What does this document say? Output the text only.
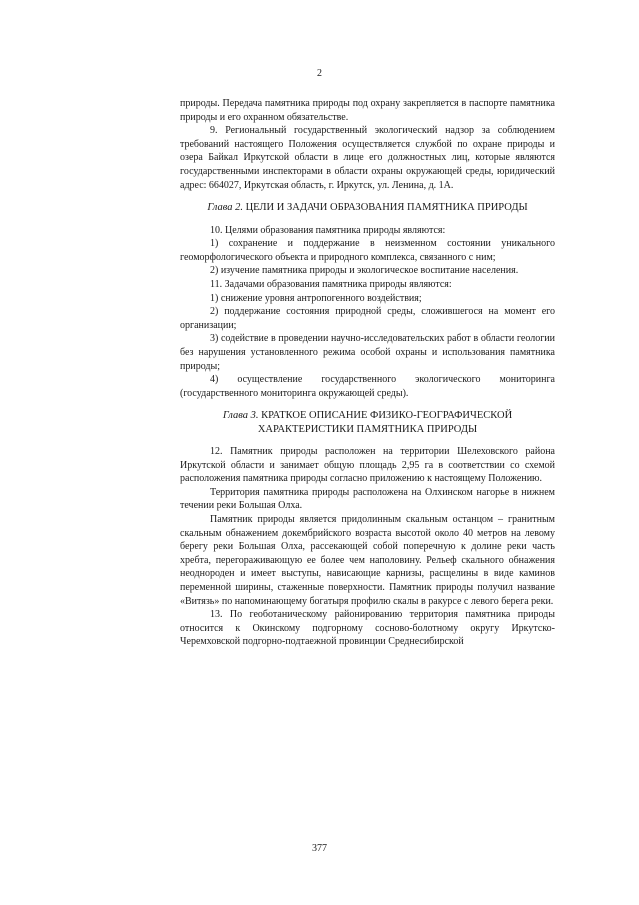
2

природы. Передача памятника природы под охрану закрепляется в паспорте памятника природы и его охранном обязательстве.

9. Региональный государственный экологический надзор за соблюдением требований настоящего Положения осуществляется службой по охране природы и озера Байкал Иркутской области в лице его должностных лиц, которые являются государственными инспекторами в области охраны окружающей среды, юридический адрес: 664027, Иркутская область, г. Иркутск, ул. Ленина, д. 1А.

Глава 2. ЦЕЛИ И ЗАДАЧИ ОБРАЗОВАНИЯ ПАМЯТНИКА ПРИРОДЫ

10. Целями образования памятника природы являются:

1) сохранение и поддержание в неизменном состоянии уникального геоморфологического объекта и природного комплекса, связанного с ним;

2) изучение памятника природы и экологическое воспитание населения.

11. Задачами образования памятника природы являются:

1) снижение уровня антропогенного воздействия;

2) поддержание состояния природной среды, сложившегося на момент его организации;

3) содействие в проведении научно-исследовательских работ в области геологии без нарушения установленного режима особой охраны и использования памятника природы;

4) осуществление государственного экологического мониторинга (государственного мониторинга окружающей среды).

Глава 3. КРАТКОЕ ОПИСАНИЕ ФИЗИКО-ГЕОГРАФИЧЕСКОЙ
ХАРАКТЕРИСТИКИ ПАМЯТНИКА ПРИРОДЫ

12. Памятник природы расположен на территории Шелеховского района Иркутской области и занимает общую площадь 2,95 га в соответствии со схемой расположения памятника природы согласно приложению к настоящему Положению.

Территория памятника природы расположена на Олхинском нагорье в нижнем течении реки Большая Олха.

Памятник природы является придолинным скальным останцом – гранитным скальным обнажением докембрийского возраста высотой около 40 метров на левому берегу реки Большая Олха, рассекающей собой поперечную к долине реки часть хребта, перегораживающую ее более чем наполовину. Рельеф скального обнажения неоднороден и имеет выступы, нависающие карнизы, расщелины в виде каминов переменной ширины, стаженные поверхности. Памятник природы получил название «Витязь» по напоминающему богатыря профилю скалы в ракурсе с левого берега реки.

13. По геоботаническому районированию территория памятника природы относится к Окинскому подгорному сосново-болотному округу Иркутско-Черемховской подгорно-подтаежной провинции Среднесибирской

377
